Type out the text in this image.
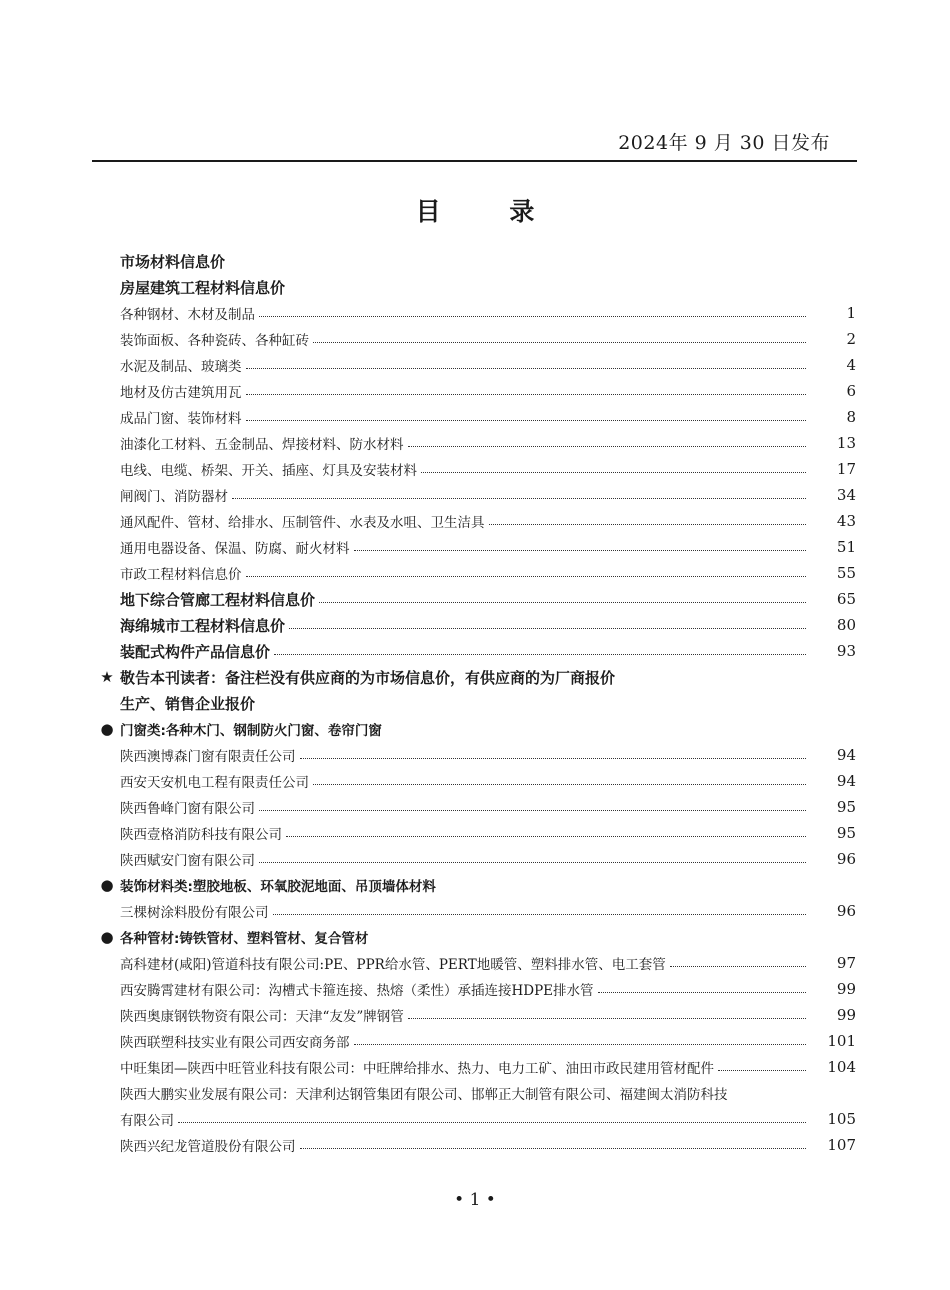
2024年 9 月 30 日发布
目 录
市场材料信息价
房屋建筑工程材料信息价
各种钢材、木材及制品	1
装饰面板、各种瓷砖、各种缸砖	2
水泥及制品、玻璃类	4
地材及仿古建筑用瓦	6
成品门窗、装饰材料	8
油漆化工材料、五金制品、焊接材料、防水材料	13
电线、电缆、桥架、开关、插座、灯具及安装材料	17
闸阀门、消防器材	34
通风配件、管材、给排水、压制管件、水表及水咀、卫生洁具	43
通用电器设备、保温、防腐、耐火材料	51
市政工程材料信息价	55
地下综合管廊工程材料信息价	65
海绵城市工程材料信息价	80
装配式构件产品信息价	93
★ 敬告本刊读者：备注栏没有供应商的为市场信息价，有供应商的为厂商报价
生产、销售企业报价
● 门窗类:各种木门、钢制防火门窗、卷帘门窗
陕西澳博森门窗有限责任公司	94
西安天安机电工程有限责任公司	94
陕西鲁峰门窗有限公司	95
陕西壹格消防科技有限公司	95
陕西赋安门窗有限公司	96
● 装饰材料类:塑胶地板、环氧胶泥地面、吊顶墙体材料
三棵树涂料股份有限公司	96
● 各种管材:铸铁管材、塑料管材、复合管材
高科建材(咸阳)管道科技有限公司:PE、PPR给水管、PERT地暖管、塑料排水管、电工套管	97
西安腾霄建材有限公司：沟槽式卡箍连接、热熔（柔性）承插连接HDPE排水管	99
陕西奥康钢铁物资有限公司：天津“友发”牌钢管	99
陕西联塑科技实业有限公司西安商务部	101
中旺集团—陕西中旺管业科技有限公司：中旺牌给排水、热力、电力工矿、油田市政民建用管材配件	104
陕西大鹏实业发展有限公司：天津利达钢管集团有限公司、邯郸正大制管有限公司、福建闽太消防科技
有限公司	105
陕西兴纪龙管道股份有限公司	107
• 1 •
